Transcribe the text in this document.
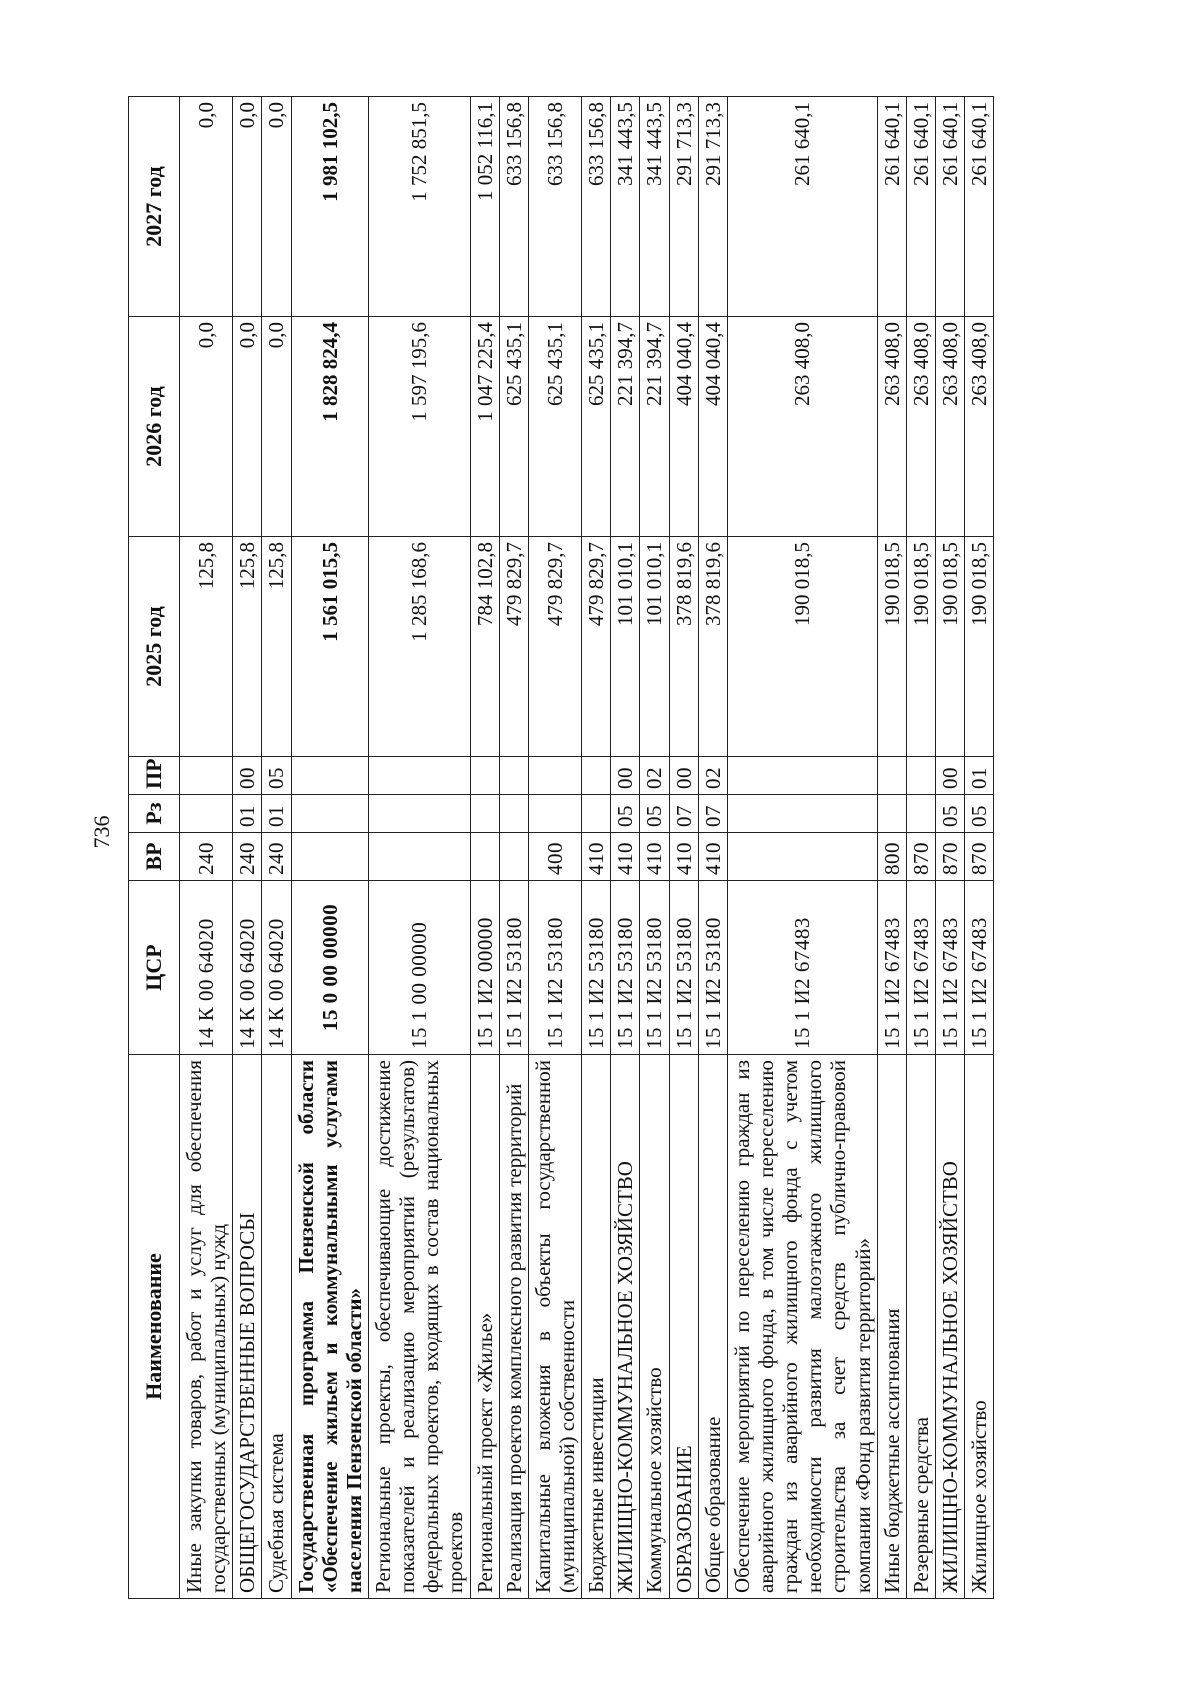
736
Наименование	ЦСР	ВР	Рз	ПР	2025 год	2026 год	2027 год
Иные закупки товаров, работ и услуг для обеспечения государственных (муниципальных) нужд	14 К 00 64020	240			125,8	0,0	0,0
ОБЩЕГОСУДАРСТВЕННЫЕ ВОПРОСЫ	14 К 00 64020	240	01	00	125,8	0,0	0,0
Судебная система	14 К 00 64020	240	01	05	125,8	0,0	0,0
Государственная программа Пензенской области «Обеспечение жильем и коммунальными услугами населения Пензенской области»	15 0 00 00000				1 561 015,5	1 828 824,4	1 981 102,5
Региональные проекты, обеспечивающие достижение показателей и реализацию мероприятий (результатов) федеральных проектов, входящих в состав национальных проектов	15 1 00 00000				1 285 168,6	1 597 195,6	1 752 851,5
Региональный проект «Жилье»	15 1 И2 00000				784 102,8	1 047 225,4	1 052 116,1
Реализация проектов комплексного развития территорий	15 1 И2 53180				479 829,7	625 435,1	633 156,8
Капитальные вложения в объекты государственной (муниципальной) собственности	15 1 И2 53180	400			479 829,7	625 435,1	633 156,8
Бюджетные инвестиции	15 1 И2 53180	410			479 829,7	625 435,1	633 156,8
ЖИЛИЩНО-КОММУНАЛЬНОЕ ХОЗЯЙСТВО	15 1 И2 53180	410	05	00	101 010,1	221 394,7	341 443,5
Коммунальное хозяйство	15 1 И2 53180	410	05	02	101 010,1	221 394,7	341 443,5
ОБРАЗОВАНИЕ	15 1 И2 53180	410	07	00	378 819,6	404 040,4	291 713,3
Общее образование	15 1 И2 53180	410	07	02	378 819,6	404 040,4	291 713,3
Обеспечение мероприятий по переселению граждан из аварийного жилищного фонда, в том числе переселению граждан из аварийного жилищного фонда с учетом необходимости развития малоэтажного жилищного строительства за счет средств публично-правовой компании «Фонд развития территорий»	15 1 И2 67483				190 018,5	263 408,0	261 640,1
Иные бюджетные ассигнования	15 1 И2 67483	800			190 018,5	263 408,0	261 640,1
Резервные средства	15 1 И2 67483	870			190 018,5	263 408,0	261 640,1
ЖИЛИЩНО-КОММУНАЛЬНОЕ ХОЗЯЙСТВО	15 1 И2 67483	870	05	00	190 018,5	263 408,0	261 640,1
Жилищное хозяйство	15 1 И2 67483	870	05	01	190 018,5	263 408,0	261 640,1
